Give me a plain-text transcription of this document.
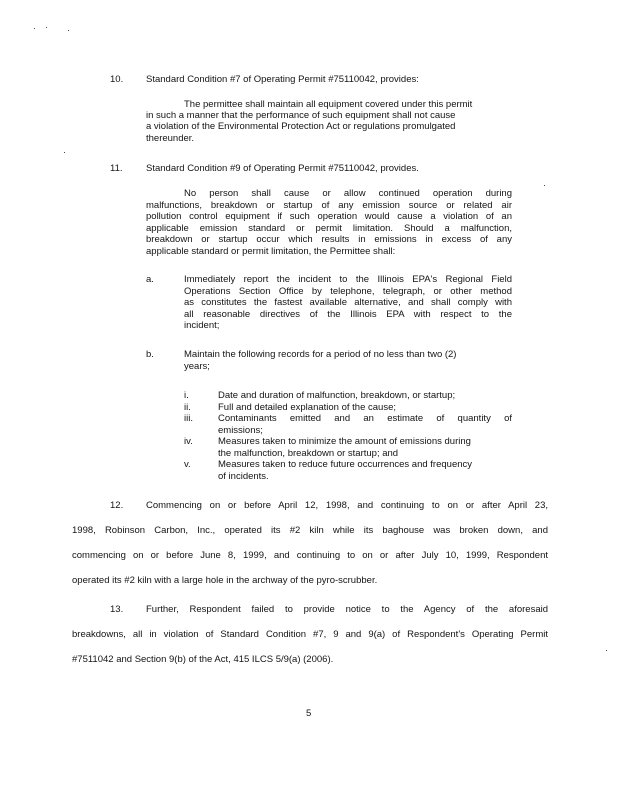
10. Standard Condition #7 of Operating Permit #75110042, provides:
The permittee shall maintain all equipment covered under this permit
in such a manner that the performance of such equipment shall not cause
a violation of the Environmental Protection Act or regulations promulgated
thereunder.
11. Standard Condition #9 of Operating Permit #75110042, provides.
No person shall cause or allow continued operation during
malfunctions, breakdown or startup of any emission source or related air
pollution control equipment if such operation would cause a violation of an
applicable emission standard or permit limitation. Should a malfunction,
breakdown or startup occur which results in emissions in excess of any
applicable standard or permit limitation, the Permittee shall:
a.	Immediately report the incident to the Illinois EPA's Regional Field
Operations Section Office by telephone, telegraph, or other method
as constitutes the fastest available alternative, and shall comply with
all reasonable directives of the Illinois EPA with respect to the
incident;
b.	Maintain the following records for a period of no less than two (2)
years;
i.	Date and duration of malfunction, breakdown, or startup;
ii.	Full and detailed explanation of the cause;
iii.	Contaminants emitted and an estimate of quantity of
emissions;
iv.	Measures taken to minimize the amount of emissions during
the malfunction, breakdown or startup; and
v.	Measures taken to reduce future occurrences and frequency
of incidents.
12. Commencing on or before April 12, 1998, and continuing to on or after April 23,
1998, Robinson Carbon, Inc., operated its #2 kiln while its baghouse was broken down, and
commencing on or before June 8, 1999, and continuing to on or after July 10, 1999, Respondent
operated its #2 kiln with a large hole in the archway of the pyro-scrubber.
13. Further, Respondent failed to provide notice to the Agency of the aforesaid
breakdowns, all in violation of Standard Condition #7, 9 and 9(a) of Respondent's Operating Permit
#7511042 and Section 9(b) of the Act, 415 ILCS 5/9(a) (2006).
5
